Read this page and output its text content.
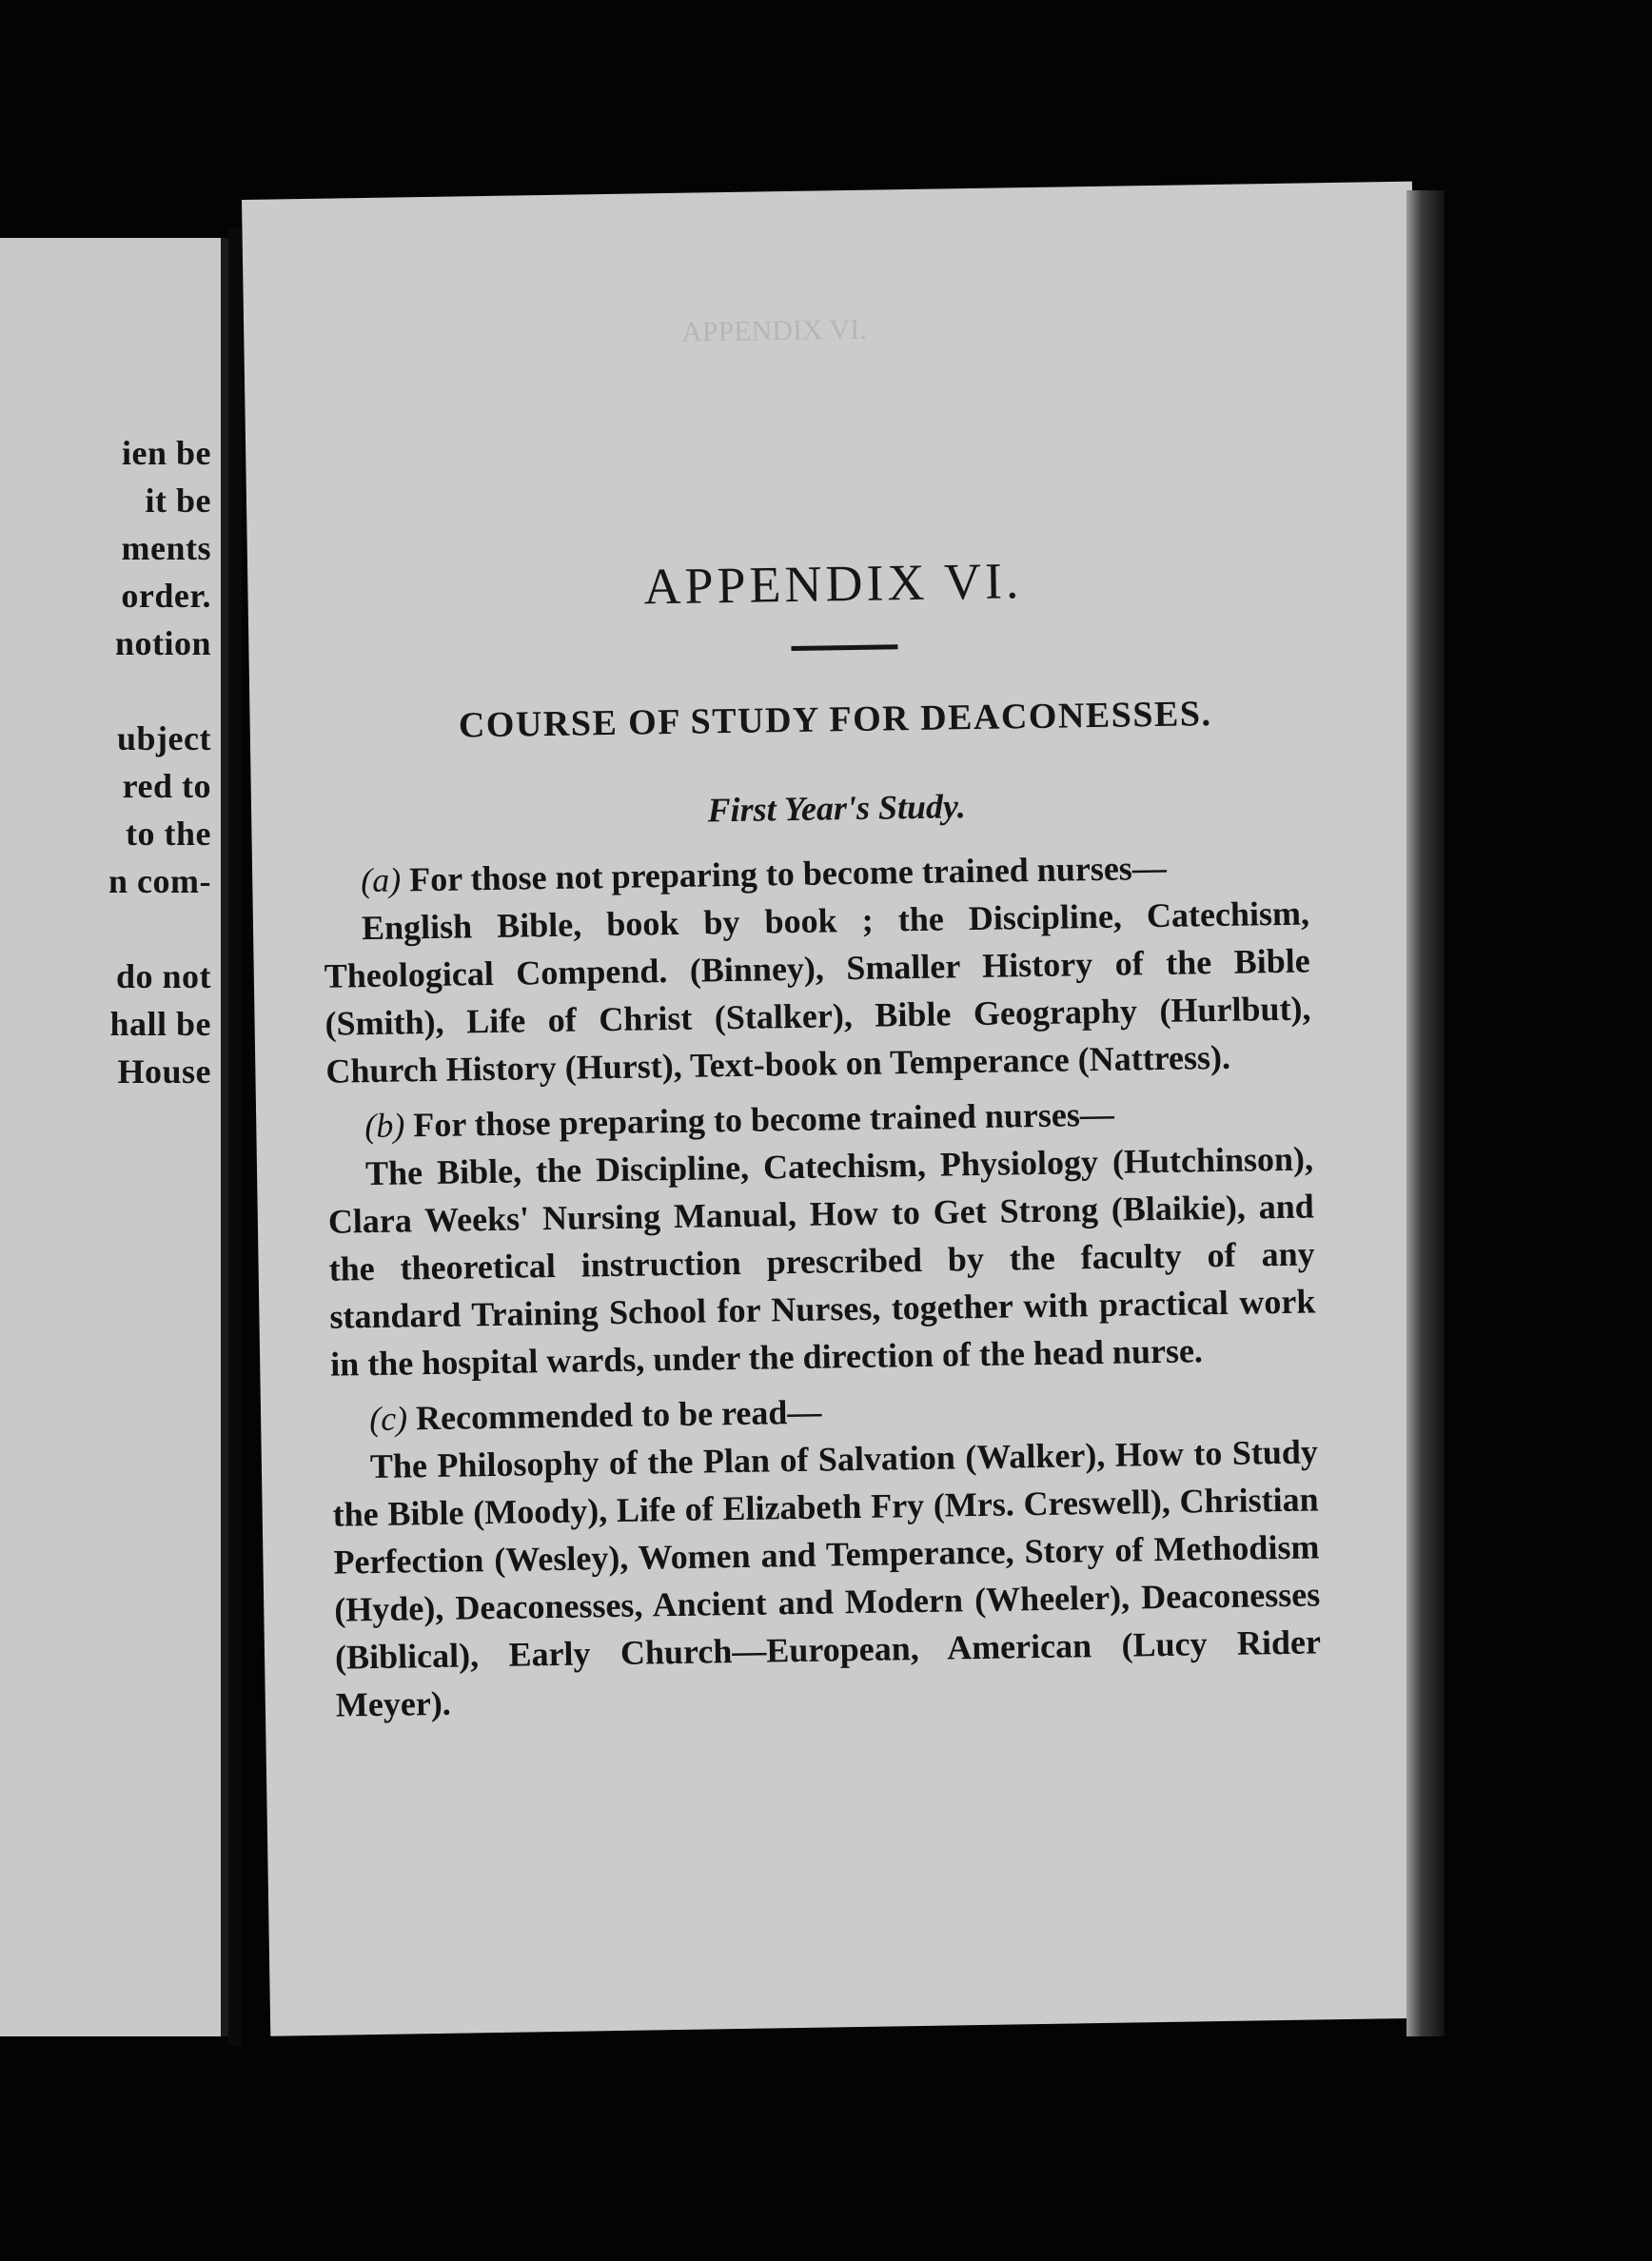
ien be
it be
ments
order.
notion
ubject
red to
to the
n com-
do not
hall be
House
APPENDIX VI.
APPENDIX VI.
COURSE OF STUDY FOR DEACONESSES.
First Year's Study.

(a) For those not preparing to become trained nurses—

English Bible, book by book ; the Discipline, Catechism, Theological Compend. (Binney), Smaller History of the Bible (Smith), Life of Christ (Stalker), Bible Geography (Hurlbut), Church History (Hurst), Text-book on Temperance (Nattress).

(b) For those preparing to become trained nurses—

The Bible, the Discipline, Catechism, Physiology (Hutchinson), Clara Weeks' Nursing Manual, How to Get Strong (Blaikie), and the theoretical instruction prescribed by the faculty of any standard Training School for Nurses, together with practical work in the hospital wards, under the direction of the head nurse.

(c) Recommended to be read—

The Philosophy of the Plan of Salvation (Walker), How to Study the Bible (Moody), Life of Elizabeth Fry (Mrs. Creswell), Christian Perfection (Wesley), Women and Temperance, Story of Methodism (Hyde), Deaconesses, Ancient and Modern (Wheeler), Deaconesses (Biblical), Early Church—European, American (Lucy Rider Meyer).
